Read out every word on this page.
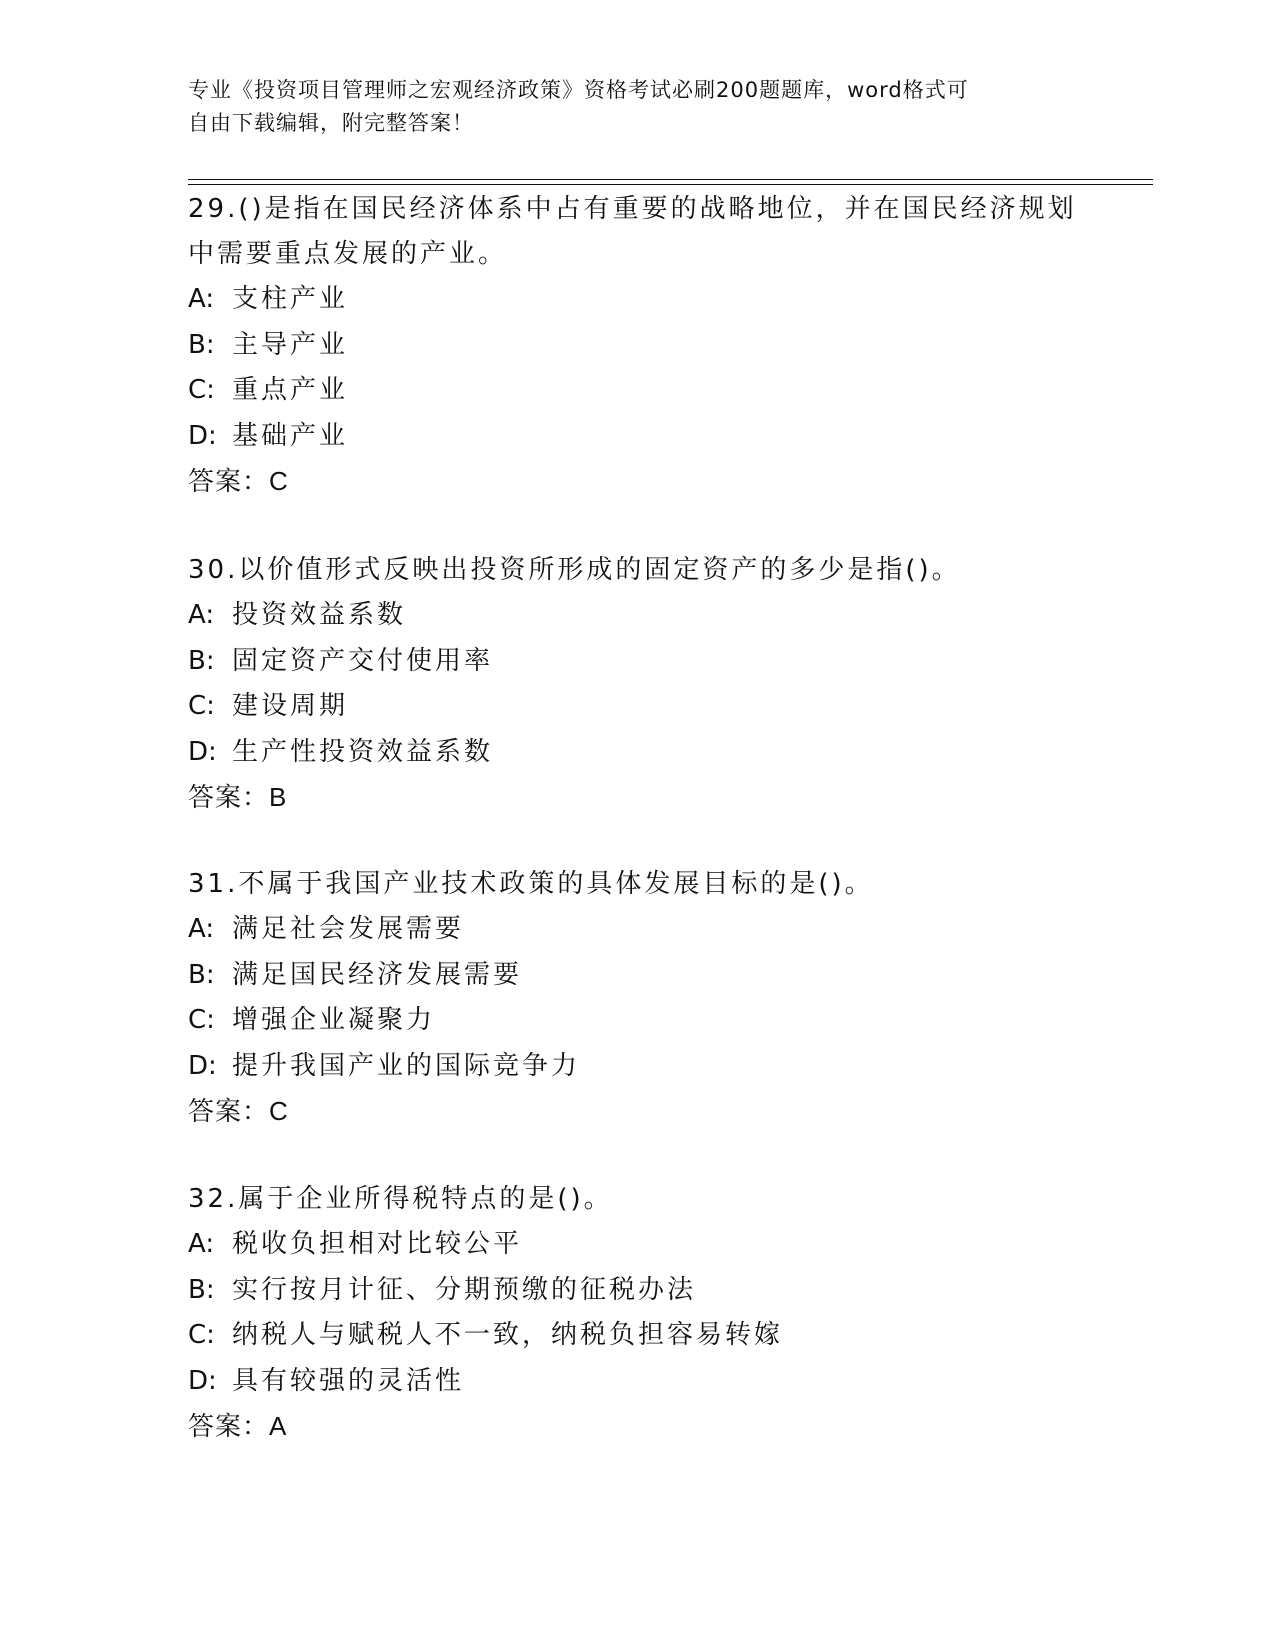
专业《投资项目管理师之宏观经济政策》资格考试必刷200题题库，word格式可
自由下载编辑，附完整答案！
29.()是指在国民经济体系中占有重要的战略地位，并在国民经济规划
中需要重点发展的产业。
A: 支柱产业
B: 主导产业
C: 重点产业
D: 基础产业
答案：C
30.以价值形式反映出投资所形成的固定资产的多少是指()。
A: 投资效益系数
B: 固定资产交付使用率
C: 建设周期
D: 生产性投资效益系数
答案：B
31.不属于我国产业技术政策的具体发展目标的是()。
A: 满足社会发展需要
B: 满足国民经济发展需要
C: 增强企业凝聚力
D: 提升我国产业的国际竞争力
答案：C
32.属于企业所得税特点的是()。
A: 税收负担相对比较公平
B: 实行按月计征、分期预缴的征税办法
C: 纳税人与赋税人不一致，纳税负担容易转嫁
D: 具有较强的灵活性
答案：A
